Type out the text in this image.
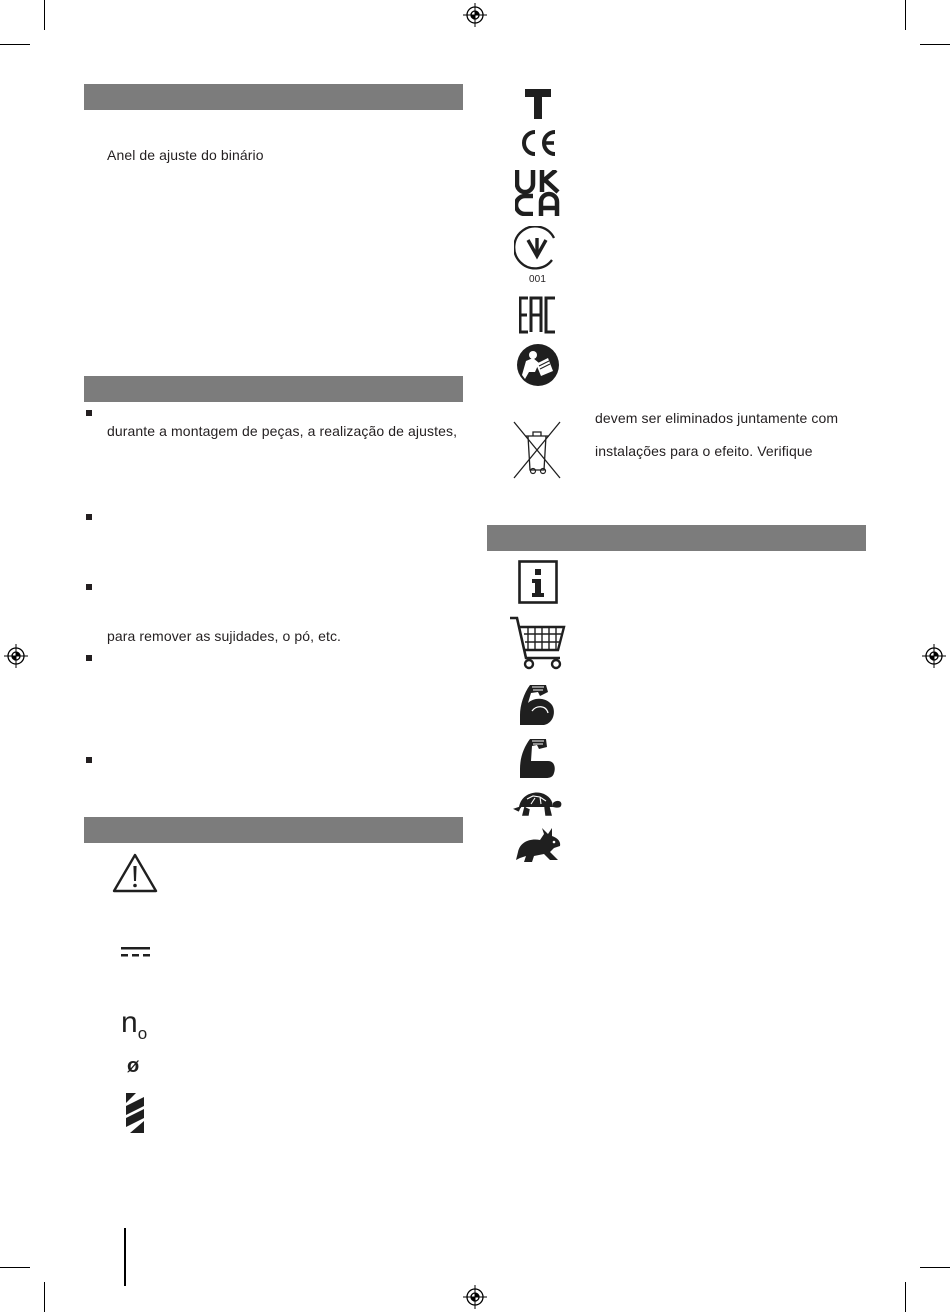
Anel de ajuste do binário
durante a montagem de peças, a realização de ajustes,
para remover as sujidades, o pó, etc.
$n_o$
ø
001
devem ser eliminados juntamente com
instalações para o efeito. Verifique
